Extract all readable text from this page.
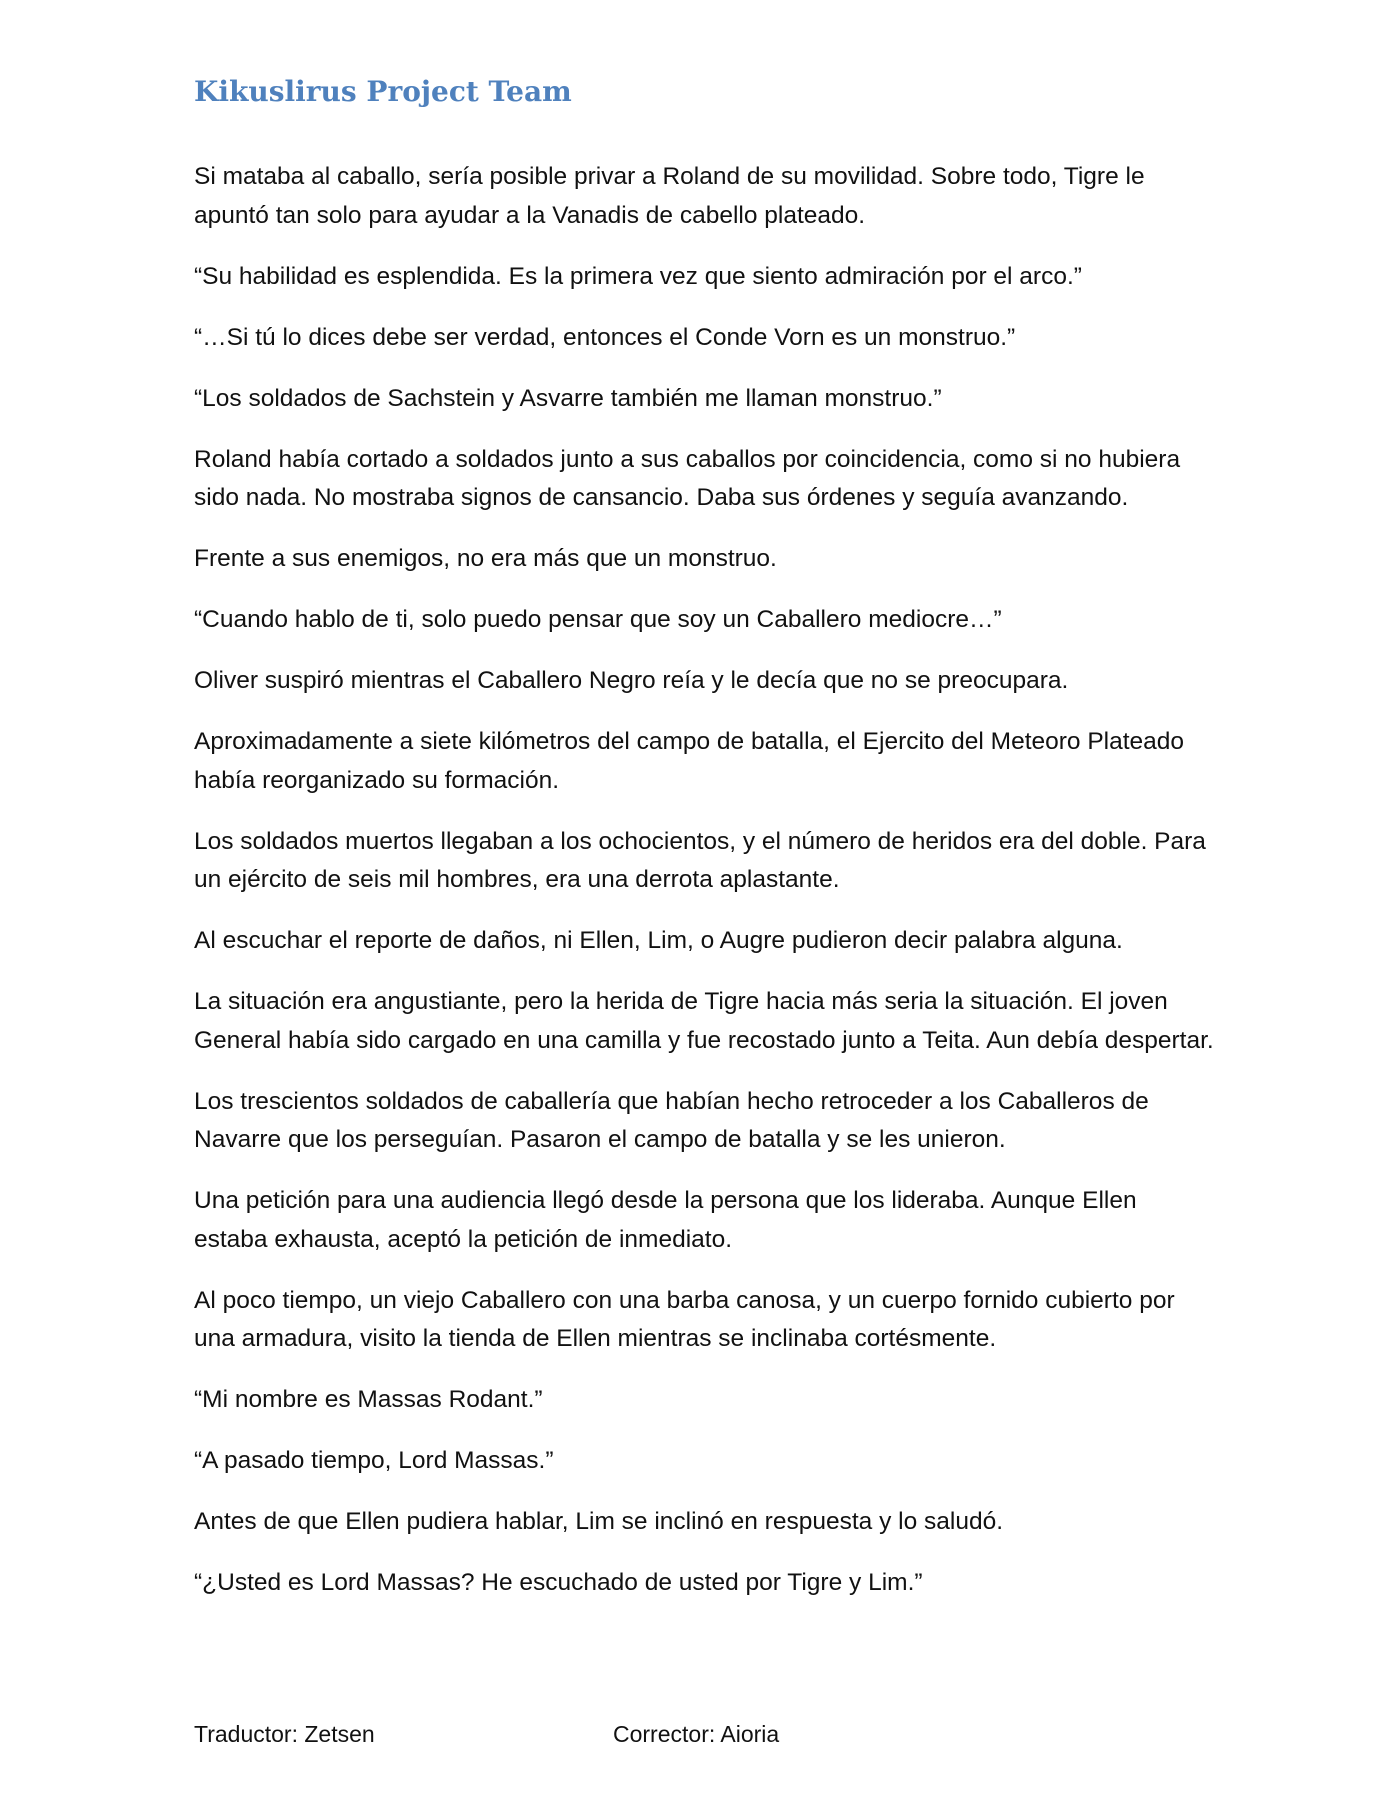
Kikuslirus Project Team

Si mataba al caballo, sería posible privar a Roland de su movilidad. Sobre todo, Tigre le apuntó tan solo para ayudar a la Vanadis de cabello plateado.

“Su habilidad es esplendida. Es la primera vez que siento admiración por el arco.”

“…Si tú lo dices debe ser verdad, entonces el Conde Vorn es un monstruo.”

“Los soldados de Sachstein y Asvarre también me llaman monstruo.”

Roland había cortado a soldados junto a sus caballos por coincidencia, como si no hubiera sido nada. No mostraba signos de cansancio. Daba sus órdenes y seguía avanzando.

Frente a sus enemigos, no era más que un monstruo.

“Cuando hablo de ti, solo puedo pensar que soy un Caballero mediocre…”

Oliver suspiró mientras el Caballero Negro reía y le decía que no se preocupara.

Aproximadamente a siete kilómetros del campo de batalla, el Ejercito del Meteoro Plateado había reorganizado su formación.

Los soldados muertos llegaban a los ochocientos, y el número de heridos era del doble. Para un ejército de seis mil hombres, era una derrota aplastante.

Al escuchar el reporte de daños, ni Ellen, Lim, o Augre pudieron decir palabra alguna.

La situación era angustiante, pero la herida de Tigre hacia más seria la situación. El joven General había sido cargado en una camilla y fue recostado junto a Teita. Aun debía despertar.

Los trescientos soldados de caballería que habían hecho retroceder a los Caballeros de Navarre que los perseguían. Pasaron el campo de batalla y se les unieron.

Una petición para una audiencia llegó desde la persona que los lideraba. Aunque Ellen estaba exhausta, aceptó la petición de inmediato.

Al poco tiempo, un viejo Caballero con una barba canosa, y un cuerpo fornido cubierto por una armadura, visito la tienda de Ellen mientras se inclinaba cortésmente.

“Mi nombre es Massas Rodant.”

“A pasado tiempo, Lord Massas.”

Antes de que Ellen pudiera hablar, Lim se inclinó en respuesta y lo saludó.

“¿Usted es Lord Massas? He escuchado de usted por Tigre y Lim.”

Traductor: Zetsen	Corrector: Aioria
